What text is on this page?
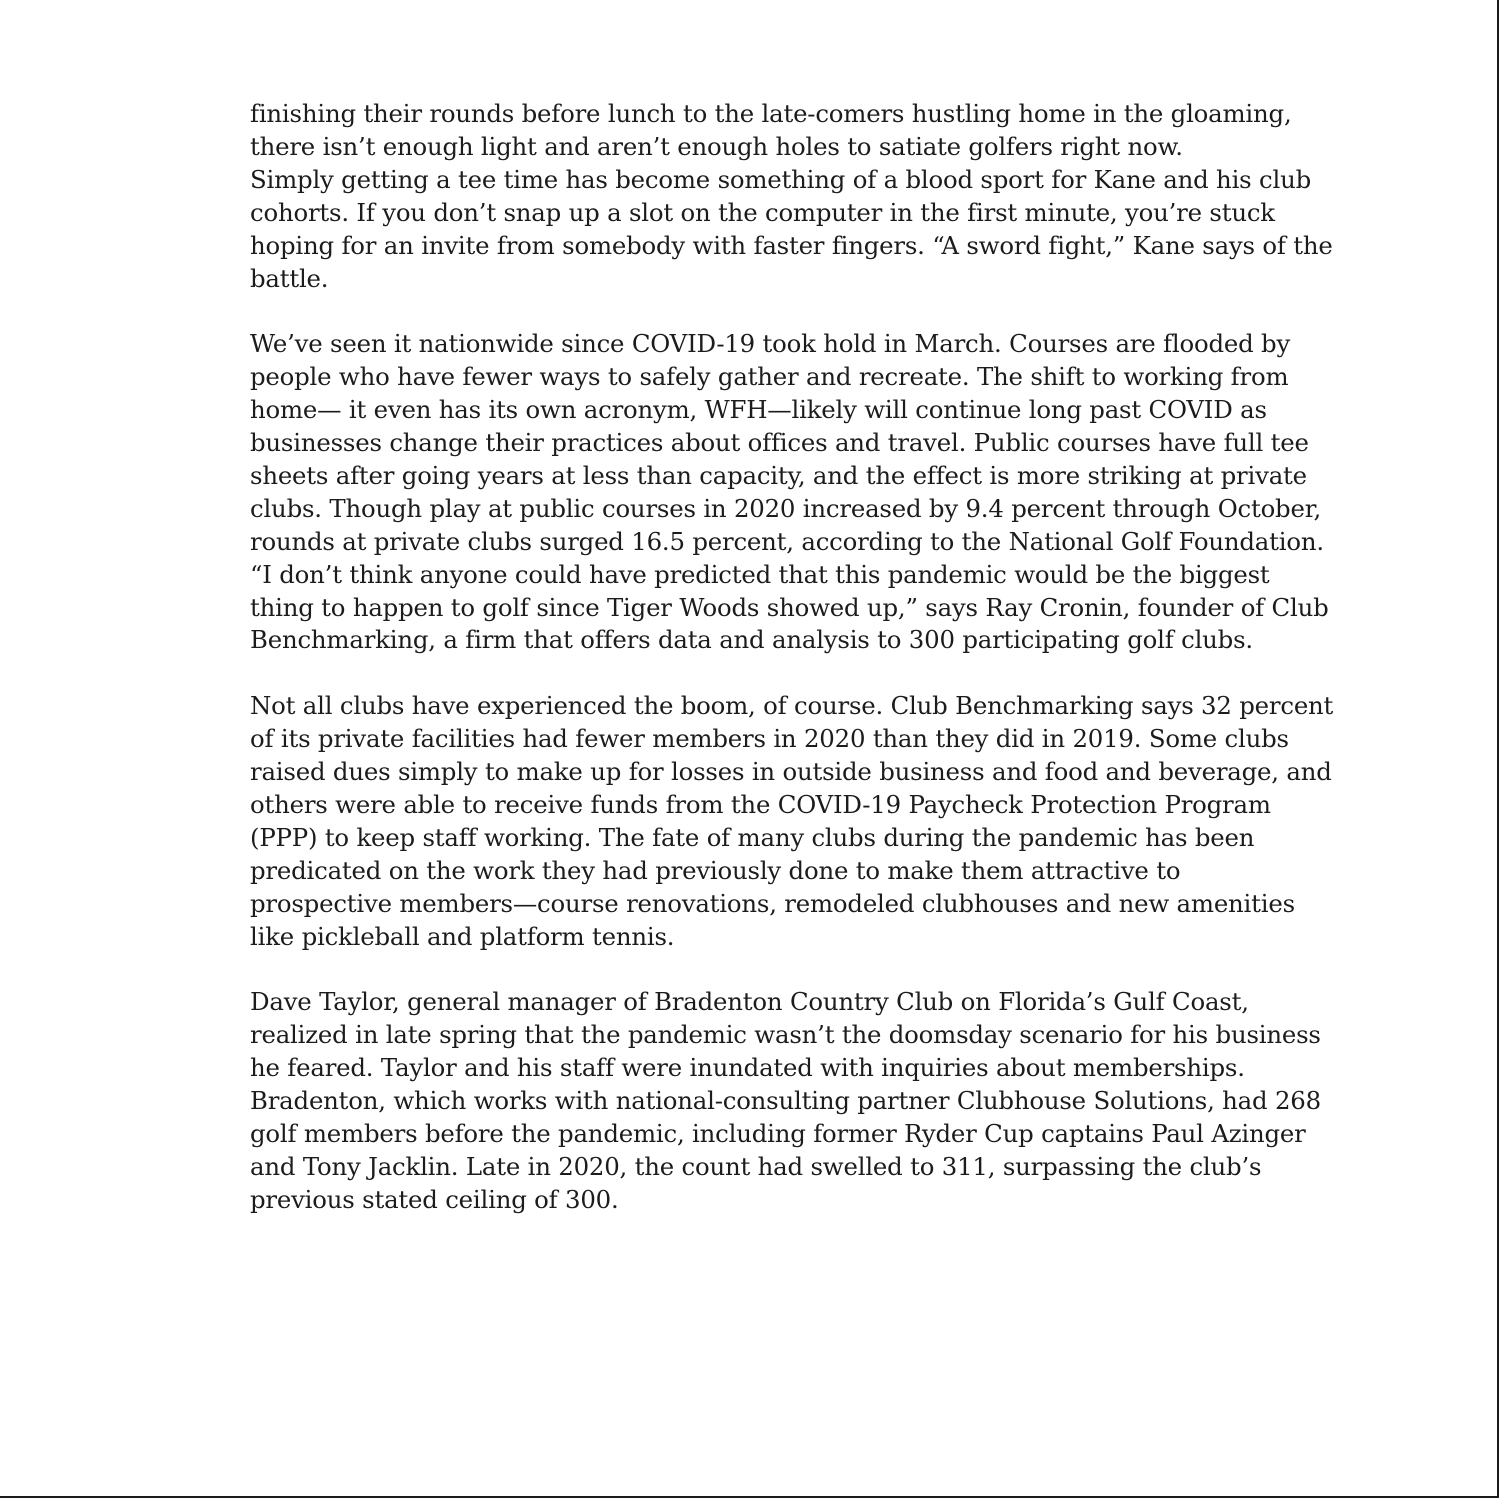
finishing their rounds before lunch to the late-comers hustling home in the gloaming,
there isn’t enough light and aren’t enough holes to satiate golfers right now.
Simply getting a tee time has become something of a blood sport for Kane and his club
cohorts. If you don’t snap up a slot on the computer in the first minute, you’re stuck
hoping for an invite from somebody with faster fingers. “A sword fight,” Kane says of the
battle.

We’ve seen it nationwide since COVID-19 took hold in March. Courses are flooded by
people who have fewer ways to safely gather and recreate. The shift to working from
home— it even has its own acronym, WFH—likely will continue long past COVID as
businesses change their practices about offices and travel. Public courses have full tee
sheets after going years at less than capacity, and the effect is more striking at private
clubs. Though play at public courses in 2020 increased by 9.4 percent through October,
rounds at private clubs surged 16.5 percent, according to the National Golf Foundation.
“I don’t think anyone could have predicted that this pandemic would be the biggest
thing to happen to golf since Tiger Woods showed up,” says Ray Cronin, founder of Club
Benchmarking, a firm that offers data and analysis to 300 participating golf clubs.

Not all clubs have experienced the boom, of course. Club Benchmarking says 32 percent
of its private facilities had fewer members in 2020 than they did in 2019. Some clubs
raised dues simply to make up for losses in outside business and food and beverage, and
others were able to receive funds from the COVID-19 Paycheck Protection Program
(PPP) to keep staff working. The fate of many clubs during the pandemic has been
predicated on the work they had previously done to make them attractive to
prospective members—course renovations, remodeled clubhouses and new amenities
like pickleball and platform tennis.

Dave Taylor, general manager of Bradenton Country Club on Florida’s Gulf Coast,
realized in late spring that the pandemic wasn’t the doomsday scenario for his business
he feared. Taylor and his staff were inundated with inquiries about memberships.
Bradenton, which works with national-consulting partner Clubhouse Solutions, had 268
golf members before the pandemic, including former Ryder Cup captains Paul Azinger
and Tony Jacklin. Late in 2020, the count had swelled to 311, surpassing the club’s
previous stated ceiling of 300.
